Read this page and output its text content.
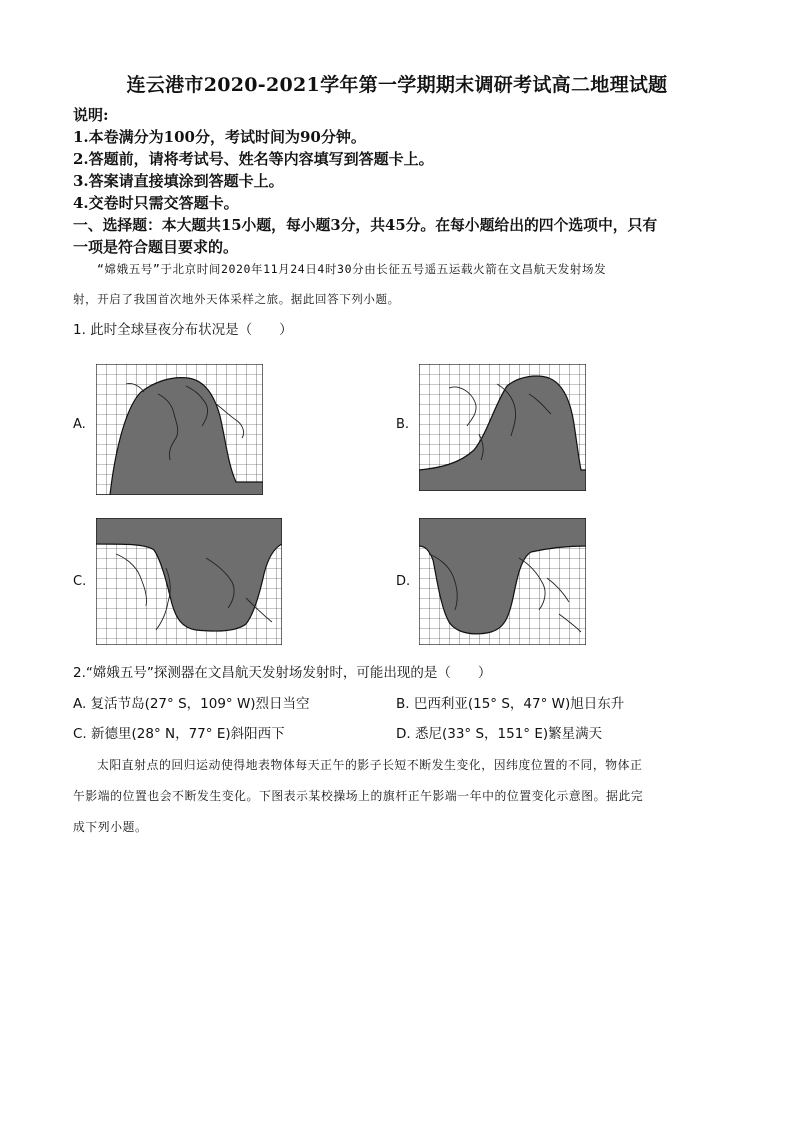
连云港市2020-2021学年第一学期期末调研考试高二地理试题
说明:
1.本卷满分为100分，考试时间为90分钟。
2.答题前，请将考试号、姓名等内容填写到答题卡上。
3.答案请直接填涂到答题卡上。
4.交卷时只需交答题卡。
一、选择题：本大题共15小题，每小题3分，共45分。在每小题给出的四个选项中，只有
一项是符合题目要求的。
“嫦娥五号”于北京时间2020年11月24日4时30分由长征五号遥五运载火箭在文昌航天发射场发
射，开启了我国首次地外天体采样之旅。据此回答下列小题。
1. 此时全球昼夜分布状况是（　　）
A.	B.
C.	D.
2.“嫦娥五号”探测器在文昌航天发射场发射时，可能出现的是（　　）
A. 复活节岛(27° S，109° W)烈日当空	B. 巴西利亚(15° S，47° W)旭日东升
C. 新德里(28° N，77° E)斜阳西下	D. 悉尼(33° S，151° E)繁星满天
太阳直射点的回归运动使得地表物体每天正午的影子长短不断发生变化，因纬度位置的不同，物体正
午影端的位置也会不断发生变化。下图表示某校操场上的旗杆正午影端一年中的位置变化示意图。据此完
成下列小题。
